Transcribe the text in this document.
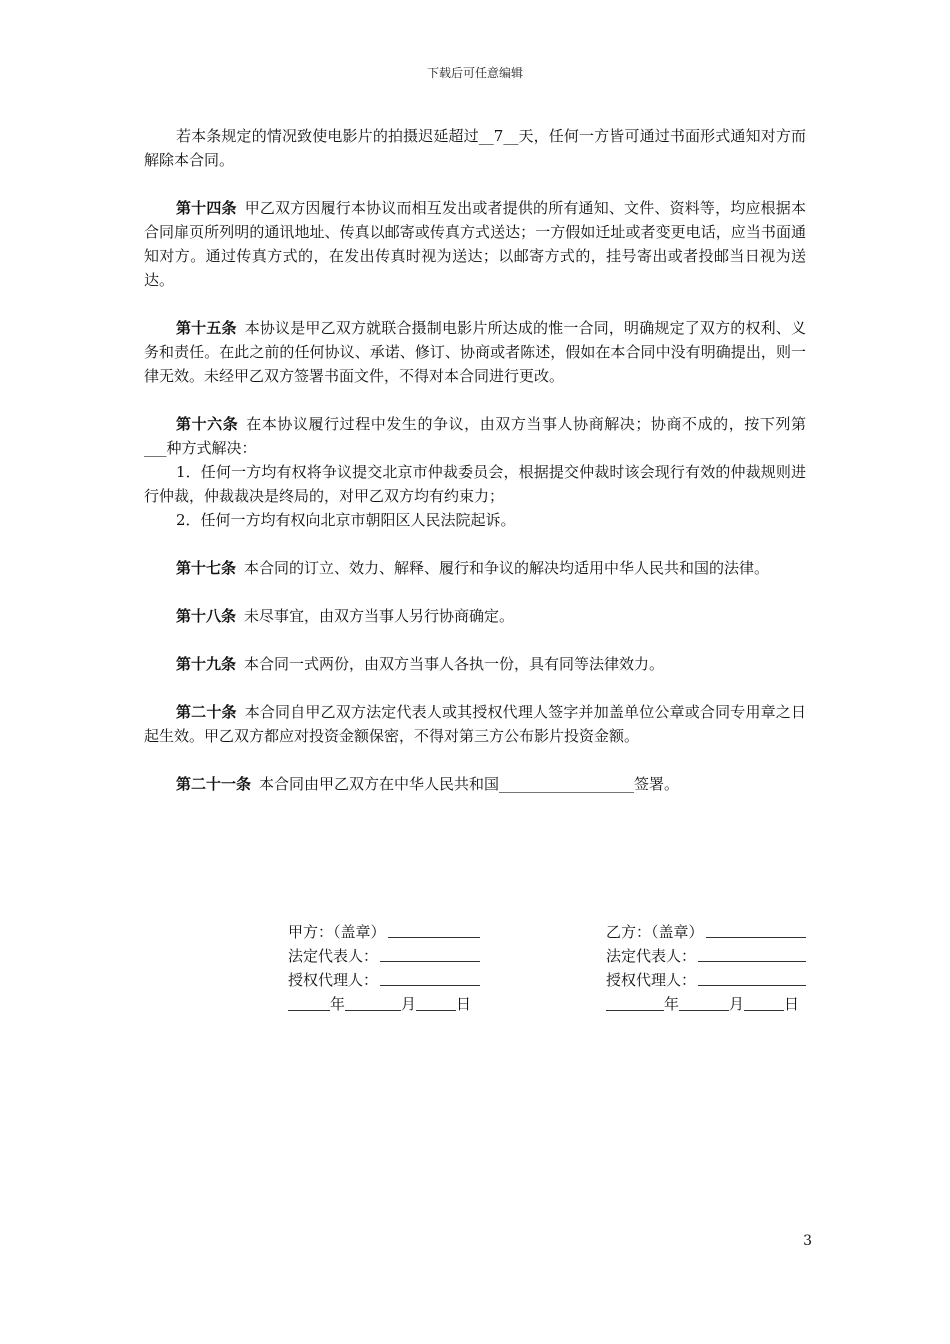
下载后可任意编辑

若本条规定的情况致使电影片的拍摄迟延超过__7__天，任何一方皆可通过书面形式通知对方而解除本合同。

第十四条 甲乙双方因履行本协议而相互发出或者提供的所有通知、文件、资料等，均应根据本合同扉页所列明的通讯地址、传真以邮寄或传真方式送达；一方假如迁址或者变更电话，应当书面通知对方。通过传真方式的，在发出传真时视为送达；以邮寄方式的，挂号寄出或者投邮当日视为送达。

第十五条 本协议是甲乙双方就联合摄制电影片所达成的惟一合同，明确规定了双方的权利、义务和责任。在此之前的任何协议、承诺、修订、协商或者陈述，假如在本合同中没有明确提出，则一律无效。未经甲乙双方签署书面文件，不得对本合同进行更改。

第十六条 在本协议履行过程中发生的争议，由双方当事人协商解决；协商不成的，按下列第___种方式解决：

1．任何一方均有权将争议提交北京市仲裁委员会，根据提交仲裁时该会现行有效的仲裁规则进行仲裁，仲裁裁决是终局的，对甲乙双方均有约束力；

2．任何一方均有权向北京市朝阳区人民法院起诉。

第十七条 本合同的订立、效力、解释、履行和争议的解决均适用中华人民共和国的法律。

第十八条 未尽事宜，由双方当事人另行协商确定。

第十九条 本合同一式两份，由双方当事人各执一份，具有同等法律效力。

第二十条 本合同自甲乙双方法定代表人或其授权代理人签字并加盖单位公章或合同专用章之日起生效。甲乙双方都应对投资金额保密，不得对第三方公布影片投资金额。

第二十一条 本合同由甲乙双方在中华人民共和国__________________签署。

甲方：（盖章）
法定代表人：
授权代理人：
年	月	日
乙方：（盖章）
法定代表人：
授权代理人：
年	月	日
3
